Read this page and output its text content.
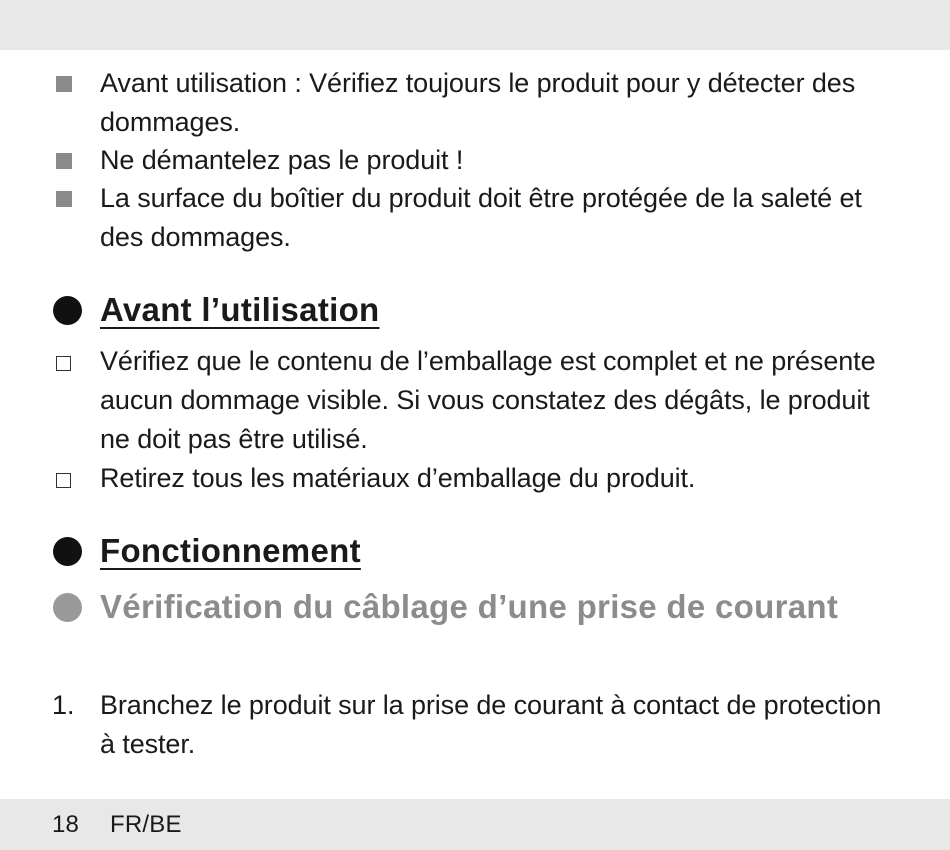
Avant utilisation : Vérifiez toujours le produit pour y détecter des dommages.
Ne démantelez pas le produit !
La surface du boîtier du produit doit être protégée de la saleté et des dommages.
Avant l’utilisation
Vérifiez que le contenu de l’emballage est complet et ne présente aucun dommage visible. Si vous constatez des dégâts, le produit ne doit pas être utilisé.
Retirez tous les matériaux d’emballage du produit.
Fonctionnement
Vérification du câblage d’une prise de courant
1. Branchez le produit sur la prise de courant à contact de protection à tester.
18 FR/BE
